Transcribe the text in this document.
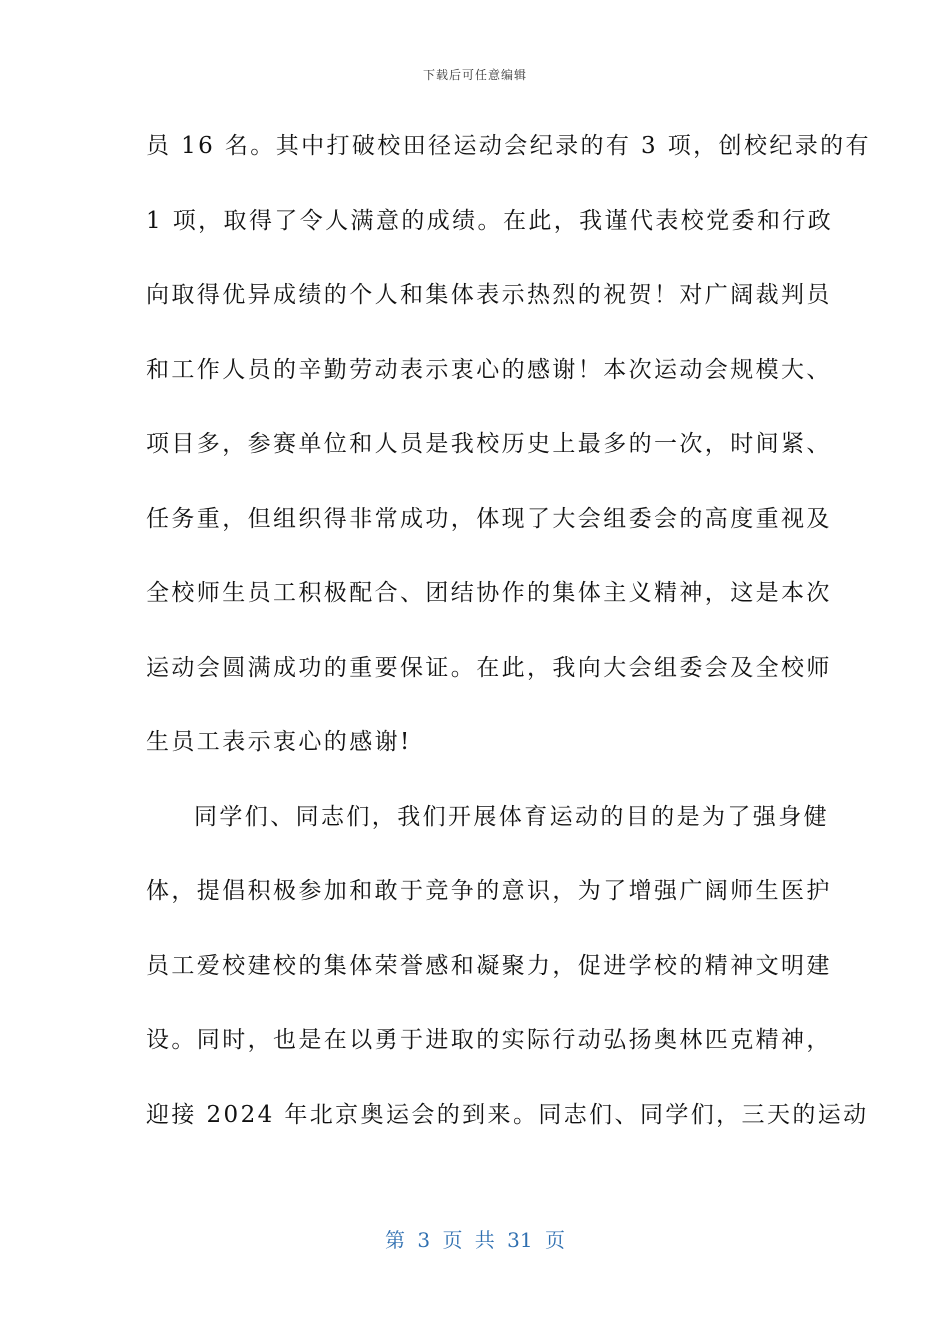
下载后可任意编辑
员 16 名。其中打破校田径运动会纪录的有 3 项，创校纪录的有
1 项，取得了令人满意的成绩。在此，我谨代表校党委和行政
向取得优异成绩的个人和集体表示热烈的祝贺！对广阔裁判员
和工作人员的辛勤劳动表示衷心的感谢！本次运动会规模大、
项目多，参赛单位和人员是我校历史上最多的一次，时间紧、
任务重，但组织得非常成功，体现了大会组委会的高度重视及
全校师生员工积极配合、团结协作的集体主义精神，这是本次
运动会圆满成功的重要保证。在此，我向大会组委会及全校师
生员工表示衷心的感谢!
同学们、同志们，我们开展体育运动的目的是为了强身健
体，提倡积极参加和敢于竞争的意识，为了增强广阔师生医护
员工爱校建校的集体荣誉感和凝聚力，促进学校的精神文明建
设。同时，也是在以勇于进取的实际行动弘扬奥林匹克精神，
迎接 2024 年北京奥运会的到来。同志们、同学们，三天的运动
第 3 页 共 31 页
